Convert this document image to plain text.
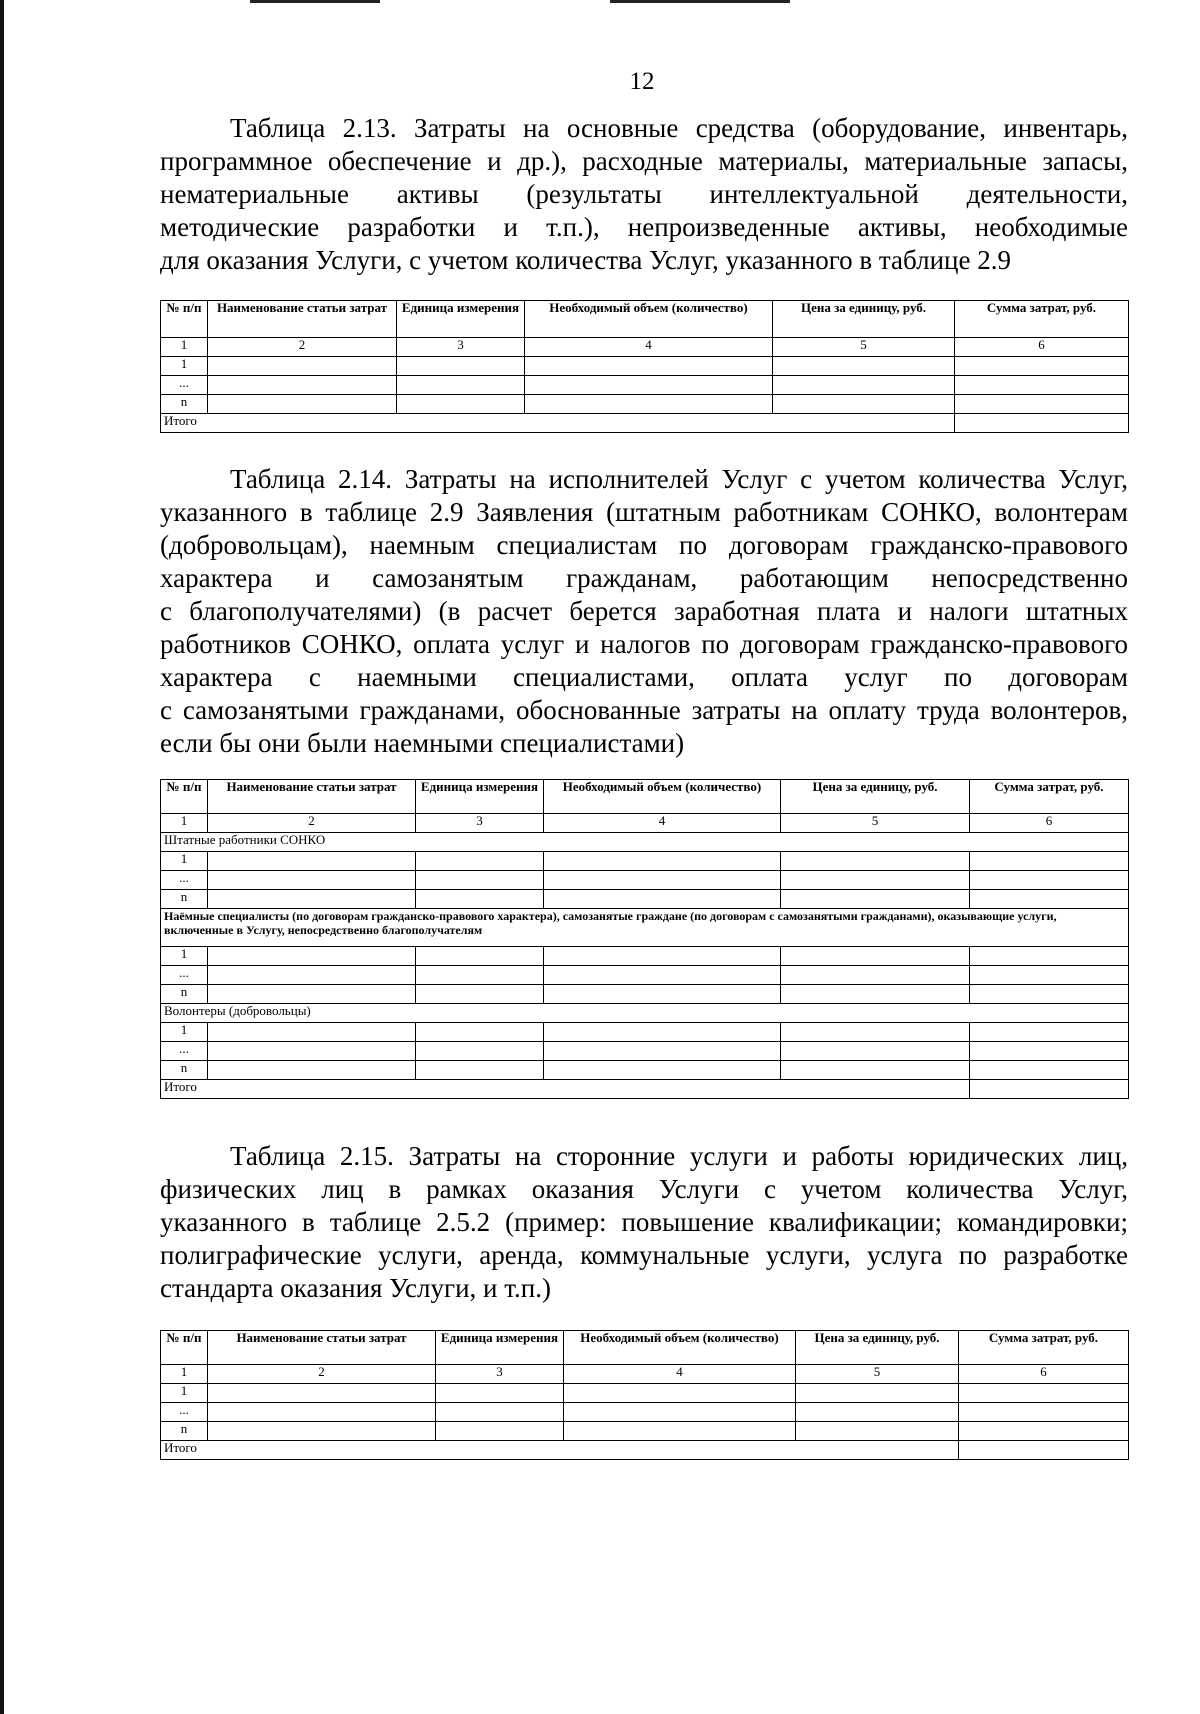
12
Таблица 2.13. Затраты на основные средства (оборудование, инвентарь,
программное обеспечение и др.), расходные материалы, материальные запасы,
нематериальные активы (результаты интеллектуальной деятельности,
методические разработки и т.п.), непроизведенные активы, необходимые
для оказания Услуги, с учетом количества Услуг, указанного в таблице 2.9
№ п/п	Наименование статьи затрат	Единица измерения	Необходимый объем (количество)	Цена за единицу, руб.	Сумма затрат, руб.
1	2	3	4	5	6
1					
...					
n					
Итого					
Таблица 2.14. Затраты на исполнителей Услуг с учетом количества Услуг,
указанного в таблице 2.9 Заявления (штатным работникам СОНКО, волонтерам
(добровольцам), наемным специалистам по договорам гражданско-правового
характера и самозанятым гражданам, работающим непосредственно
с благополучателями) (в расчет берется заработная плата и налоги штатных
работников СОНКО, оплата услуг и налогов по договорам гражданско-правового
характера с наемными специалистами, оплата услуг по договорам
с самозанятыми гражданами, обоснованные затраты на оплату труда волонтеров,
если бы они были наемными специалистами)
№ п/п	Наименование статьи затрат	Единица измерения	Необходимый объем (количество)	Цена за единицу, руб.	Сумма затрат, руб.
1	2	3	4	5	6
Штатные работники СОНКО					
1					
...					
n					
Наёмные специалисты (по договорам гражданско-правового характера), самозанятые граждане (по договорам с самозанятыми гражданами), оказывающие услуги, включенные в Услугу, непосредственно благополучателям					
1					
...					
n					
Волонтеры (добровольцы)					
1					
...					
n					
Итого					
Таблица 2.15. Затраты на сторонние услуги и работы юридических лиц,
физических лиц в рамках оказания Услуги с учетом количества Услуг,
указанного в таблице 2.5.2 (пример: повышение квалификации; командировки;
полиграфические услуги, аренда, коммунальные услуги, услуга по разработке
стандарта оказания Услуги, и т.п.)
№ п/п	Наименование статьи затрат	Единица измерения	Необходимый объем (количество)	Цена за единицу, руб.	Сумма затрат, руб.
1	2	3	4	5	6
1					
...					
n					
Итого					
